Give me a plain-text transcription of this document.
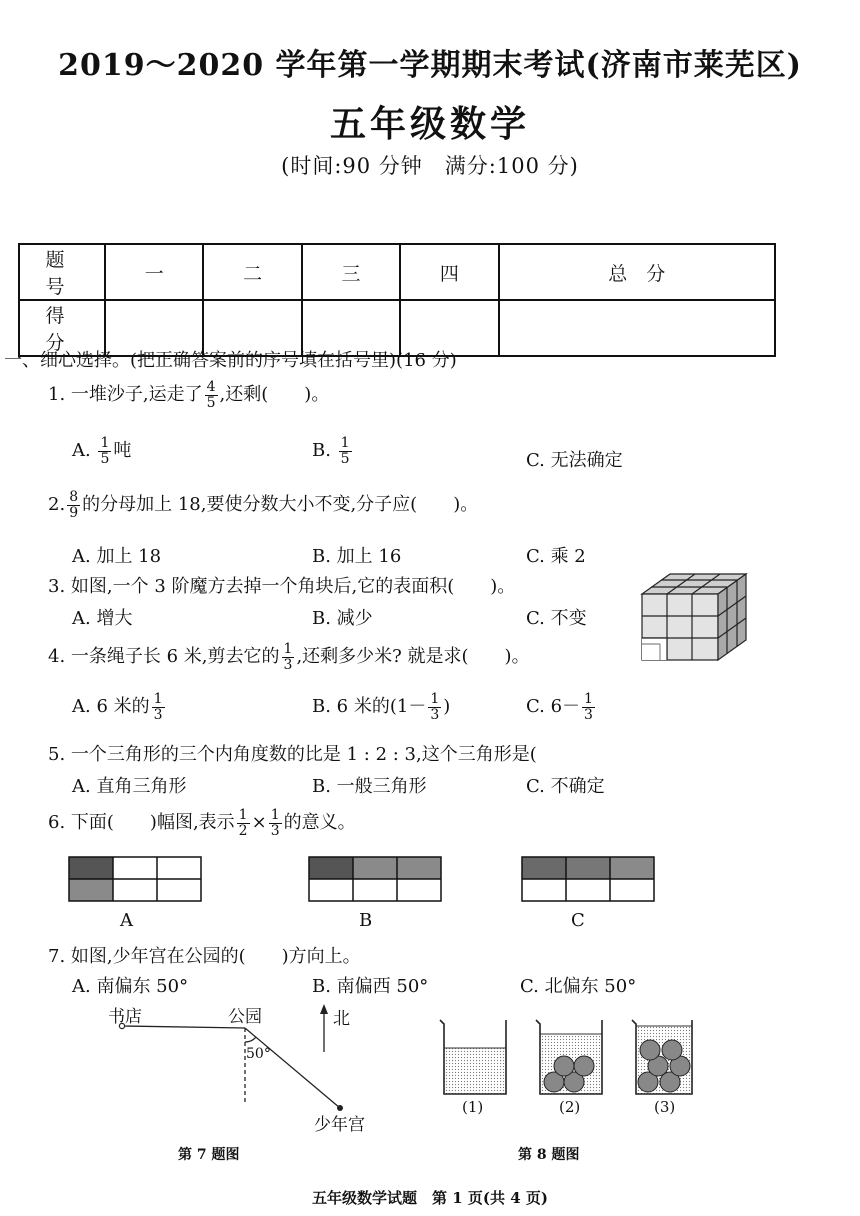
2019～2020 学年第一学期期末考试(济南市莱芜区)
五年级数学
(时间:90 分钟　满分:100 分)
题　号	一	二	三	四	总　分
得　分					
一、细心选择。(把正确答案前的序号填在括号里)(16 分)
1. 一堆沙子,运走了 $\frac{4}{5}$ ,还剩(　　)。
A. $\frac{1}{5}$ 吨	B. $\frac{1}{5}$	C. 无法确定
2. $\frac{8}{9}$ 的分母加上 18,要使分数大小不变,分子应(　　)。
A. 加上 18	B. 加上 16	C. 乘 2
3. 如图,一个 3 阶魔方去掉一个角块后,它的表面积(　　)。
A. 增大	B. 减少	C. 不变
4. 一条绳子长 6 米,剪去它的 $\frac{1}{3}$ ,还剩多少米? 就是求(　　)。
A. 6 米的 $\frac{1}{3}$	B. 6 米的($1- \frac{1}{3}$ )	C. $6- \frac{1}{3}$
5. 一个三角形的三个内角度数的比是 1 : 2 : 3,这个三角形是(
A. 直角三角形	B. 一般三角形	C. 不确定
6. 下面(　　)幅图,表示 $\frac{1}{2} \times \frac{1}{3}$ 的意义。
A	B	C
7. 如图,少年宫在公园的(　　)方向上。
A. 南偏东 50°	B. 南偏西 50°	C. 北偏东 50°
书店	公园	北
50°
少年宫
第 7 题图
(1)	(2)	(3)
第 8 题图
五年级数学试题　第 1 页(共 4 页)
